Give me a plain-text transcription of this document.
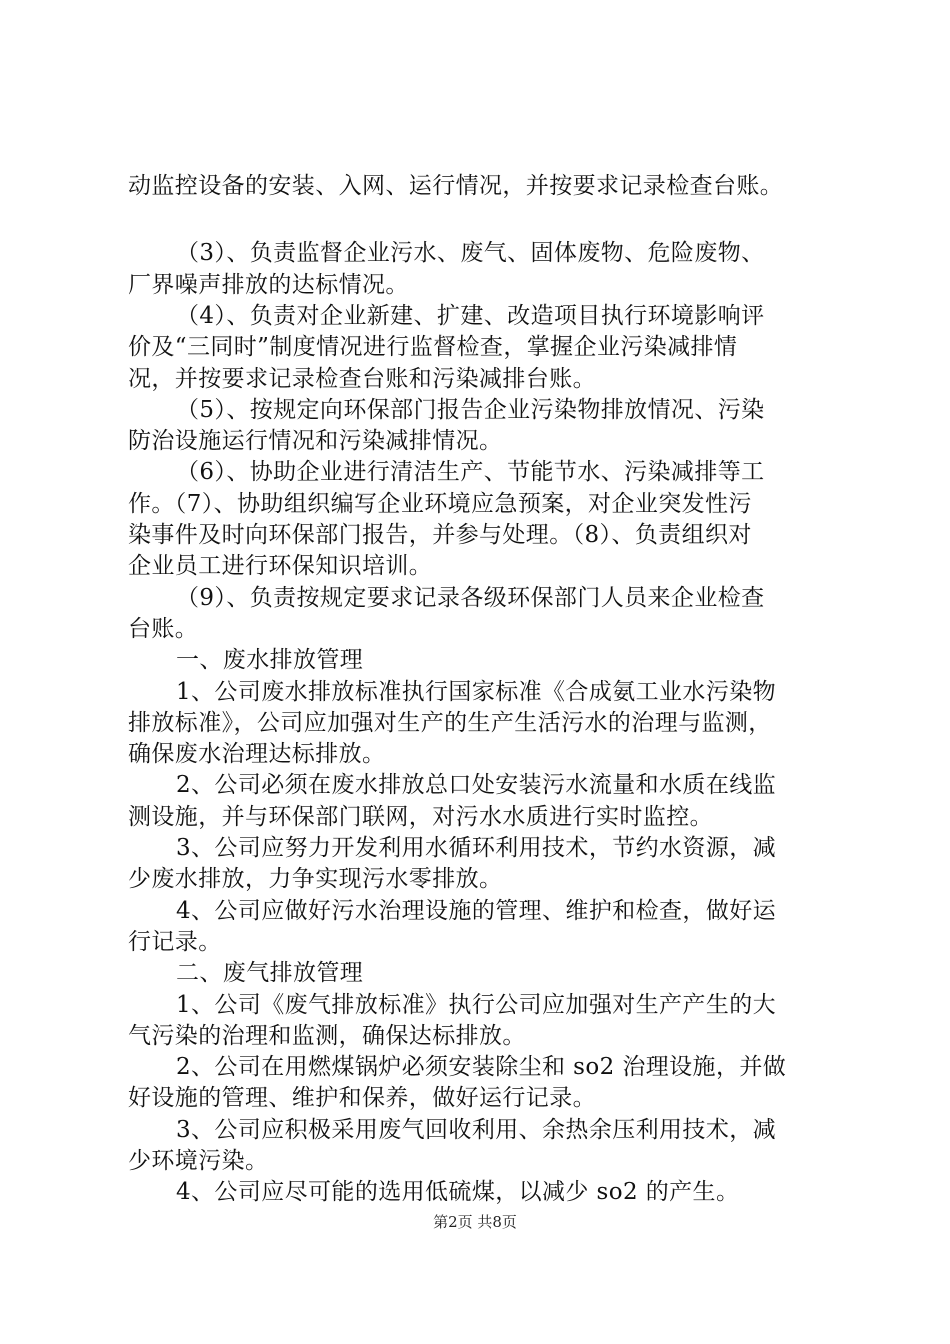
动监控设备的安装、入网、运行情况，并按要求记录检查台账。
（3）、负责监督企业污水、废气、固体废物、危险废物、
厂界噪声排放的达标情况。
（4）、负责对企业新建、扩建、改造项目执行环境影响评
价及“三同时”制度情况进行监督检查，掌握企业污染减排情
况，并按要求记录检查台账和污染减排台账。
（5）、按规定向环保部门报告企业污染物排放情况、污染
防治设施运行情况和污染减排情况。
（6）、协助企业进行清洁生产、节能节水、污染减排等工
作。（7）、协助组织编写企业环境应急预案，对企业突发性污
染事件及时向环保部门报告，并参与处理。（8）、负责组织对
企业员工进行环保知识培训。
（9）、负责按规定要求记录各级环保部门人员来企业检查
台账。
一、废水排放管理
1、公司废水排放标准执行国家标准《合成氨工业水污染物
排放标准》，公司应加强对生产的生产生活污水的治理与监测，
确保废水治理达标排放。
2、公司必须在废水排放总口处安装污水流量和水质在线监
测设施，并与环保部门联网，对污水水质进行实时监控。
3、公司应努力开发利用水循环利用技术，节约水资源，减
少废水排放，力争实现污水零排放。
4、公司应做好污水治理设施的管理、维护和检查，做好运
行记录。
二、废气排放管理
1、公司《废气排放标准》执行公司应加强对生产产生的大
气污染的治理和监测，确保达标排放。
2、公司在用燃煤锅炉必须安装除尘和 so2 治理设施，并做
好设施的管理、维护和保养，做好运行记录。
3、公司应积极采用废气回收利用、余热余压利用技术，减
少环境污染。
4、公司应尽可能的选用低硫煤，以减少 so2 的产生。
第2页 共8页
